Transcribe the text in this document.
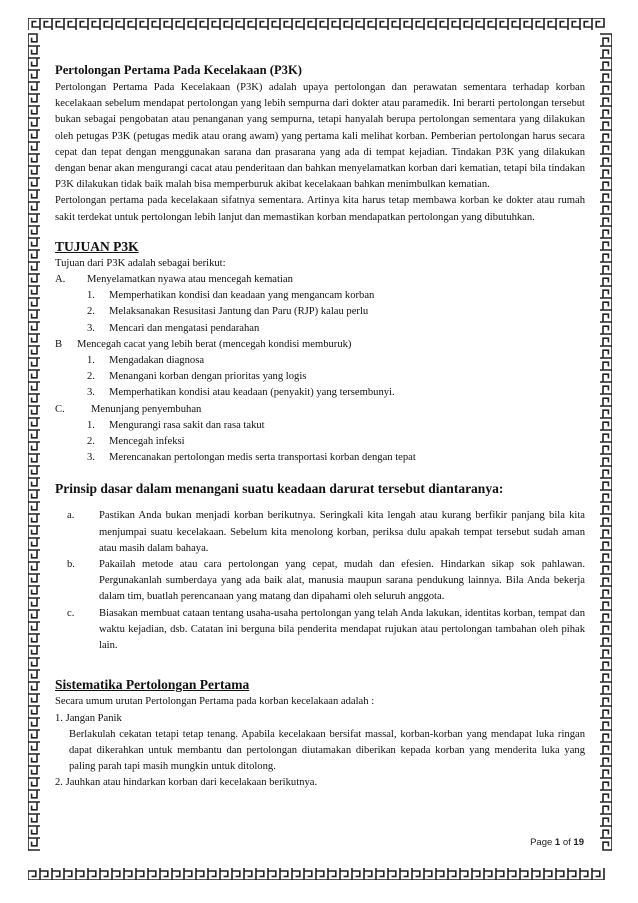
Pertolongan Pertama Pada Kecelakaan (P3K)

Pertolongan Pertama Pada Kecelakaan (P3K) adalah upaya pertolongan dan perawatan sementara terhadap korban kecelakaan sebelum mendapat pertolongan yang lebih sempurna dari dokter atau paramedik. Ini berarti pertolongan tersebut bukan sebagai pengobatan atau penanganan yang sempurna, tetapi hanyalah berupa pertolongan sementara yang dilakukan oleh petugas P3K (petugas medik atau orang awam) yang pertama kali melihat korban. Pemberian pertolongan harus secara cepat dan tepat dengan menggunakan sarana dan prasarana yang ada di tempat kejadian. Tindakan P3K yang dilakukan dengan benar akan mengurangi cacat atau penderitaan dan bahkan menyelamatkan korban dari kematian, tetapi bila tindakan P3K dilakukan tidak baik malah bisa memperburuk akibat kecelakaan bahkan menimbulkan kematian.

Pertolongan pertama pada kecelakaan sifatnya sementara. Artinya kita harus tetap membawa korban ke dokter atau rumah sakit terdekat untuk pertolongan lebih lanjut dan memastikan korban mendapatkan pertolongan yang dibutuhkan.

TUJUAN P3K

Tujuan dari P3K adalah sebagai berikut:

A.	Menyelamatkan nyawa atau mencegah kematian
1. Memperhatikan kondisi dan keadaan yang mengancam korban
2. Melaksanakan Resusitasi Jantung dan Paru (RJP) kalau perlu
3. Mencari dan mengatasi pendarahan
B	Mencegah cacat yang lebih berat (mencegah kondisi memburuk)
1. Mengadakan diagnosa
2. Menangani korban dengan prioritas yang logis
3. Memperhatikan kondisi atau keadaan (penyakit) yang tersembunyi.
C.	Menunjang penyembuhan
1. Mengurangi rasa sakit dan rasa takut
2. Mencegah infeksi
3. Merencanakan pertolongan medis serta transportasi korban dengan tepat
Prinsip dasar dalam menangani suatu keadaan darurat tersebut diantaranya:
a.	Pastikan Anda bukan menjadi korban berikutnya. Seringkali kita lengah atau kurang berfikir panjang bila kita menjumpai suatu kecelakaan. Sebelum kita menolong korban, periksa dulu apakah tempat tersebut sudah aman atau masih dalam bahaya.
b.	Pakailah metode atau cara pertolongan yang cepat, mudah dan efesien. Hindarkan sikap sok pahlawan. Pergunakanlah sumberdaya yang ada baik alat, manusia maupun sarana pendukung lainnya. Bila Anda bekerja dalam tim, buatlah perencanaan yang matang dan dipahami oleh seluruh anggota.
c.	Biasakan membuat cataan tentang usaha-usaha pertolongan yang telah Anda lakukan, identitas korban, tempat dan waktu kejadian, dsb. Catatan ini berguna bila penderita mendapat rujukan atau pertolongan tambahan oleh pihak lain.
Sistematika Pertolongan Pertama

Secara umum urutan Pertolongan Pertama pada korban kecelakaan adalah :

1. Jangan Panik

Berlakulah cekatan tetapi tetap tenang. Apabila kecelakaan bersifat massal, korban-korban yang mendapat luka ringan dapat dikerahkan untuk membantu dan pertolongan diutamakan diberikan kepada korban yang menderita luka yang paling parah tapi masih mungkin untuk ditolong.

2. Jauhkan atau hindarkan korban dari kecelakaan berikutnya.

Page 1 of 19
